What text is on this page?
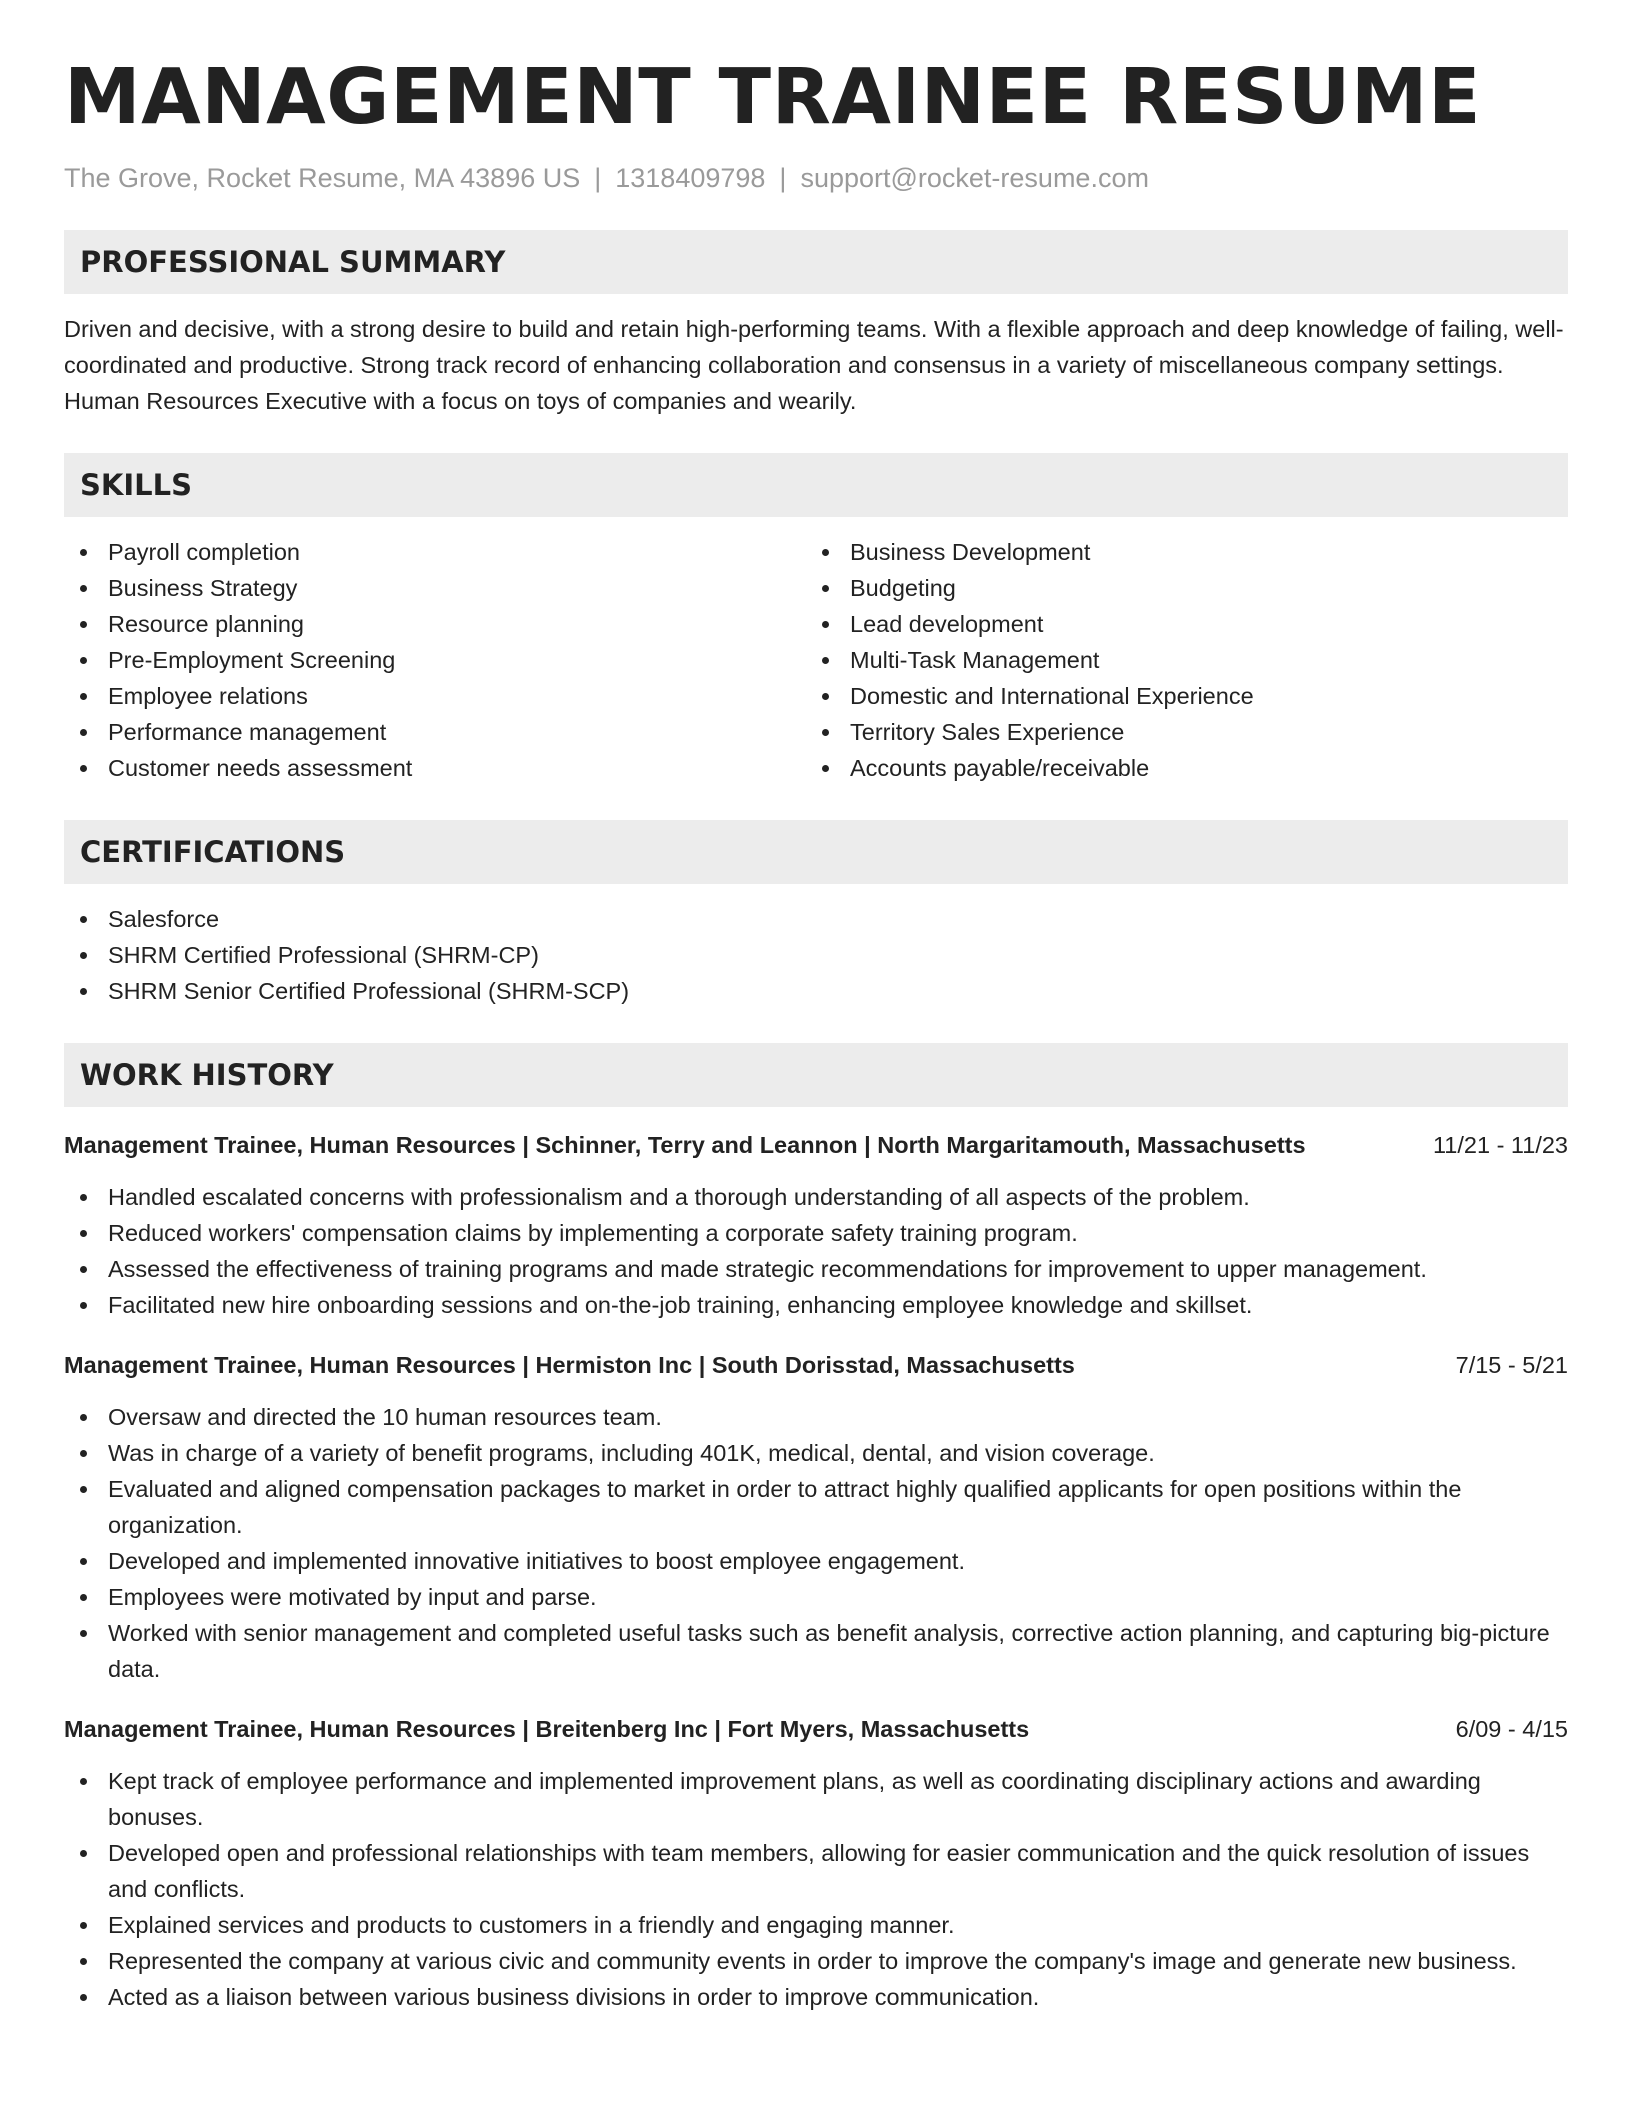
MANAGEMENT TRAINEE RESUME
The Grove, Rocket Resume, MA 43896 US | 1318409798 | support@rocket-resume.com
PROFESSIONAL SUMMARY

Driven and decisive, with a strong desire to build and retain high-performing teams. With a flexible approach and deep knowledge of failing, well-coordinated and productive. Strong track record of enhancing collaboration and consensus in a variety of miscellaneous company settings. Human Resources Executive with a focus on toys of companies and wearily.

SKILLS
Payroll completion
Business Strategy
Resource planning
Pre-Employment Screening
Employee relations
Performance management
Customer needs assessment
Business Development
Budgeting
Lead development
Multi-Task Management
Domestic and International Experience
Territory Sales Experience
Accounts payable/receivable
CERTIFICATIONS
Salesforce
SHRM Certified Professional (SHRM-CP)
SHRM Senior Certified Professional (SHRM-SCP)
WORK HISTORY
Management Trainee, Human Resources | Schinner, Terry and Leannon | North Margaritamouth, Massachusetts	11/21 - 11/23
Handled escalated concerns with professionalism and a thorough understanding of all aspects of the problem.
Reduced workers' compensation claims by implementing a corporate safety training program.
Assessed the effectiveness of training programs and made strategic recommendations for improvement to upper management.
Facilitated new hire onboarding sessions and on-the-job training, enhancing employee knowledge and skillset.
Management Trainee, Human Resources | Hermiston Inc | South Dorisstad, Massachusetts	7/15 - 5/21
Oversaw and directed the 10 human resources team.
Was in charge of a variety of benefit programs, including 401K, medical, dental, and vision coverage.
Evaluated and aligned compensation packages to market in order to attract highly qualified applicants for open positions within the organization.
Developed and implemented innovative initiatives to boost employee engagement.
Employees were motivated by input and parse.
Worked with senior management and completed useful tasks such as benefit analysis, corrective action planning, and capturing big-picture data.
Management Trainee, Human Resources | Breitenberg Inc | Fort Myers, Massachusetts	6/09 - 4/15
Kept track of employee performance and implemented improvement plans, as well as coordinating disciplinary actions and awarding bonuses.
Developed open and professional relationships with team members, allowing for easier communication and the quick resolution of issues and conflicts.
Explained services and products to customers in a friendly and engaging manner.
Represented the company at various civic and community events in order to improve the company's image and generate new business.
Acted as a liaison between various business divisions in order to improve communication.
